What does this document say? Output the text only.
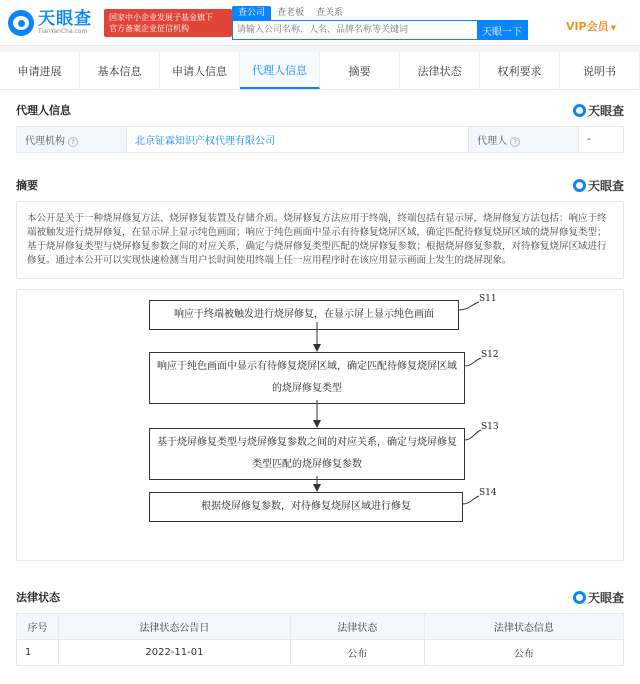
天眼查
TianYanCha.com
国家中小企业发展子基金旗下
官方备案企业征信机构
查公司	查老板	查关系
请输入公司名称、人名、品牌名称等关键词
天眼一下	VIP会员 ▼
申请进展	基本信息	申请人信息	代理人信息	摘要	法律状态	权利要求	说明书
代理人信息	天眼查
代理机构 ?	北京钲霖知识产权代理有限公司	代理人 ?	-
摘要	天眼查
本公开是关于一种烧屏修复方法、烧屏修复装置及存储介质。烧屏修复方法应用于终端，终端包括有显示屏，烧屏修复方法包括：响应于终端被触发进行烧屏修复，在显示屏上显示纯色画面；响应于纯色画面中显示有待修复烧屏区域，确定匹配待修复烧屏区域的烧屏修复类型；基于烧屏修复类型与烧屏修复参数之间的对应关系，确定与烧屏修复类型匹配的烧屏修复参数；根据烧屏修复参数，对待修复烧屏区域进行修复。通过本公开可以实现快速检测当用户长时间使用终端上任一应用程序时在该应用显示画面上发生的烧屏现象。
响应于终端被触发进行烧屏修复，在显示屏上显示纯色画面
S11
响应于纯色画面中显示有待修复烧屏区域，确定匹配待修复烧屏区域的烧屏修复类型
S12
基于烧屏修复类型与烧屏修复参数之间的对应关系，确定与烧屏修复类型匹配的烧屏修复参数
S13
根据烧屏修复参数，对待修复烧屏区域进行修复
S14
法律状态	天眼查
序号	法律状态公告日	法律状态	法律状态信息
1	2022-11-01	公布	公布
